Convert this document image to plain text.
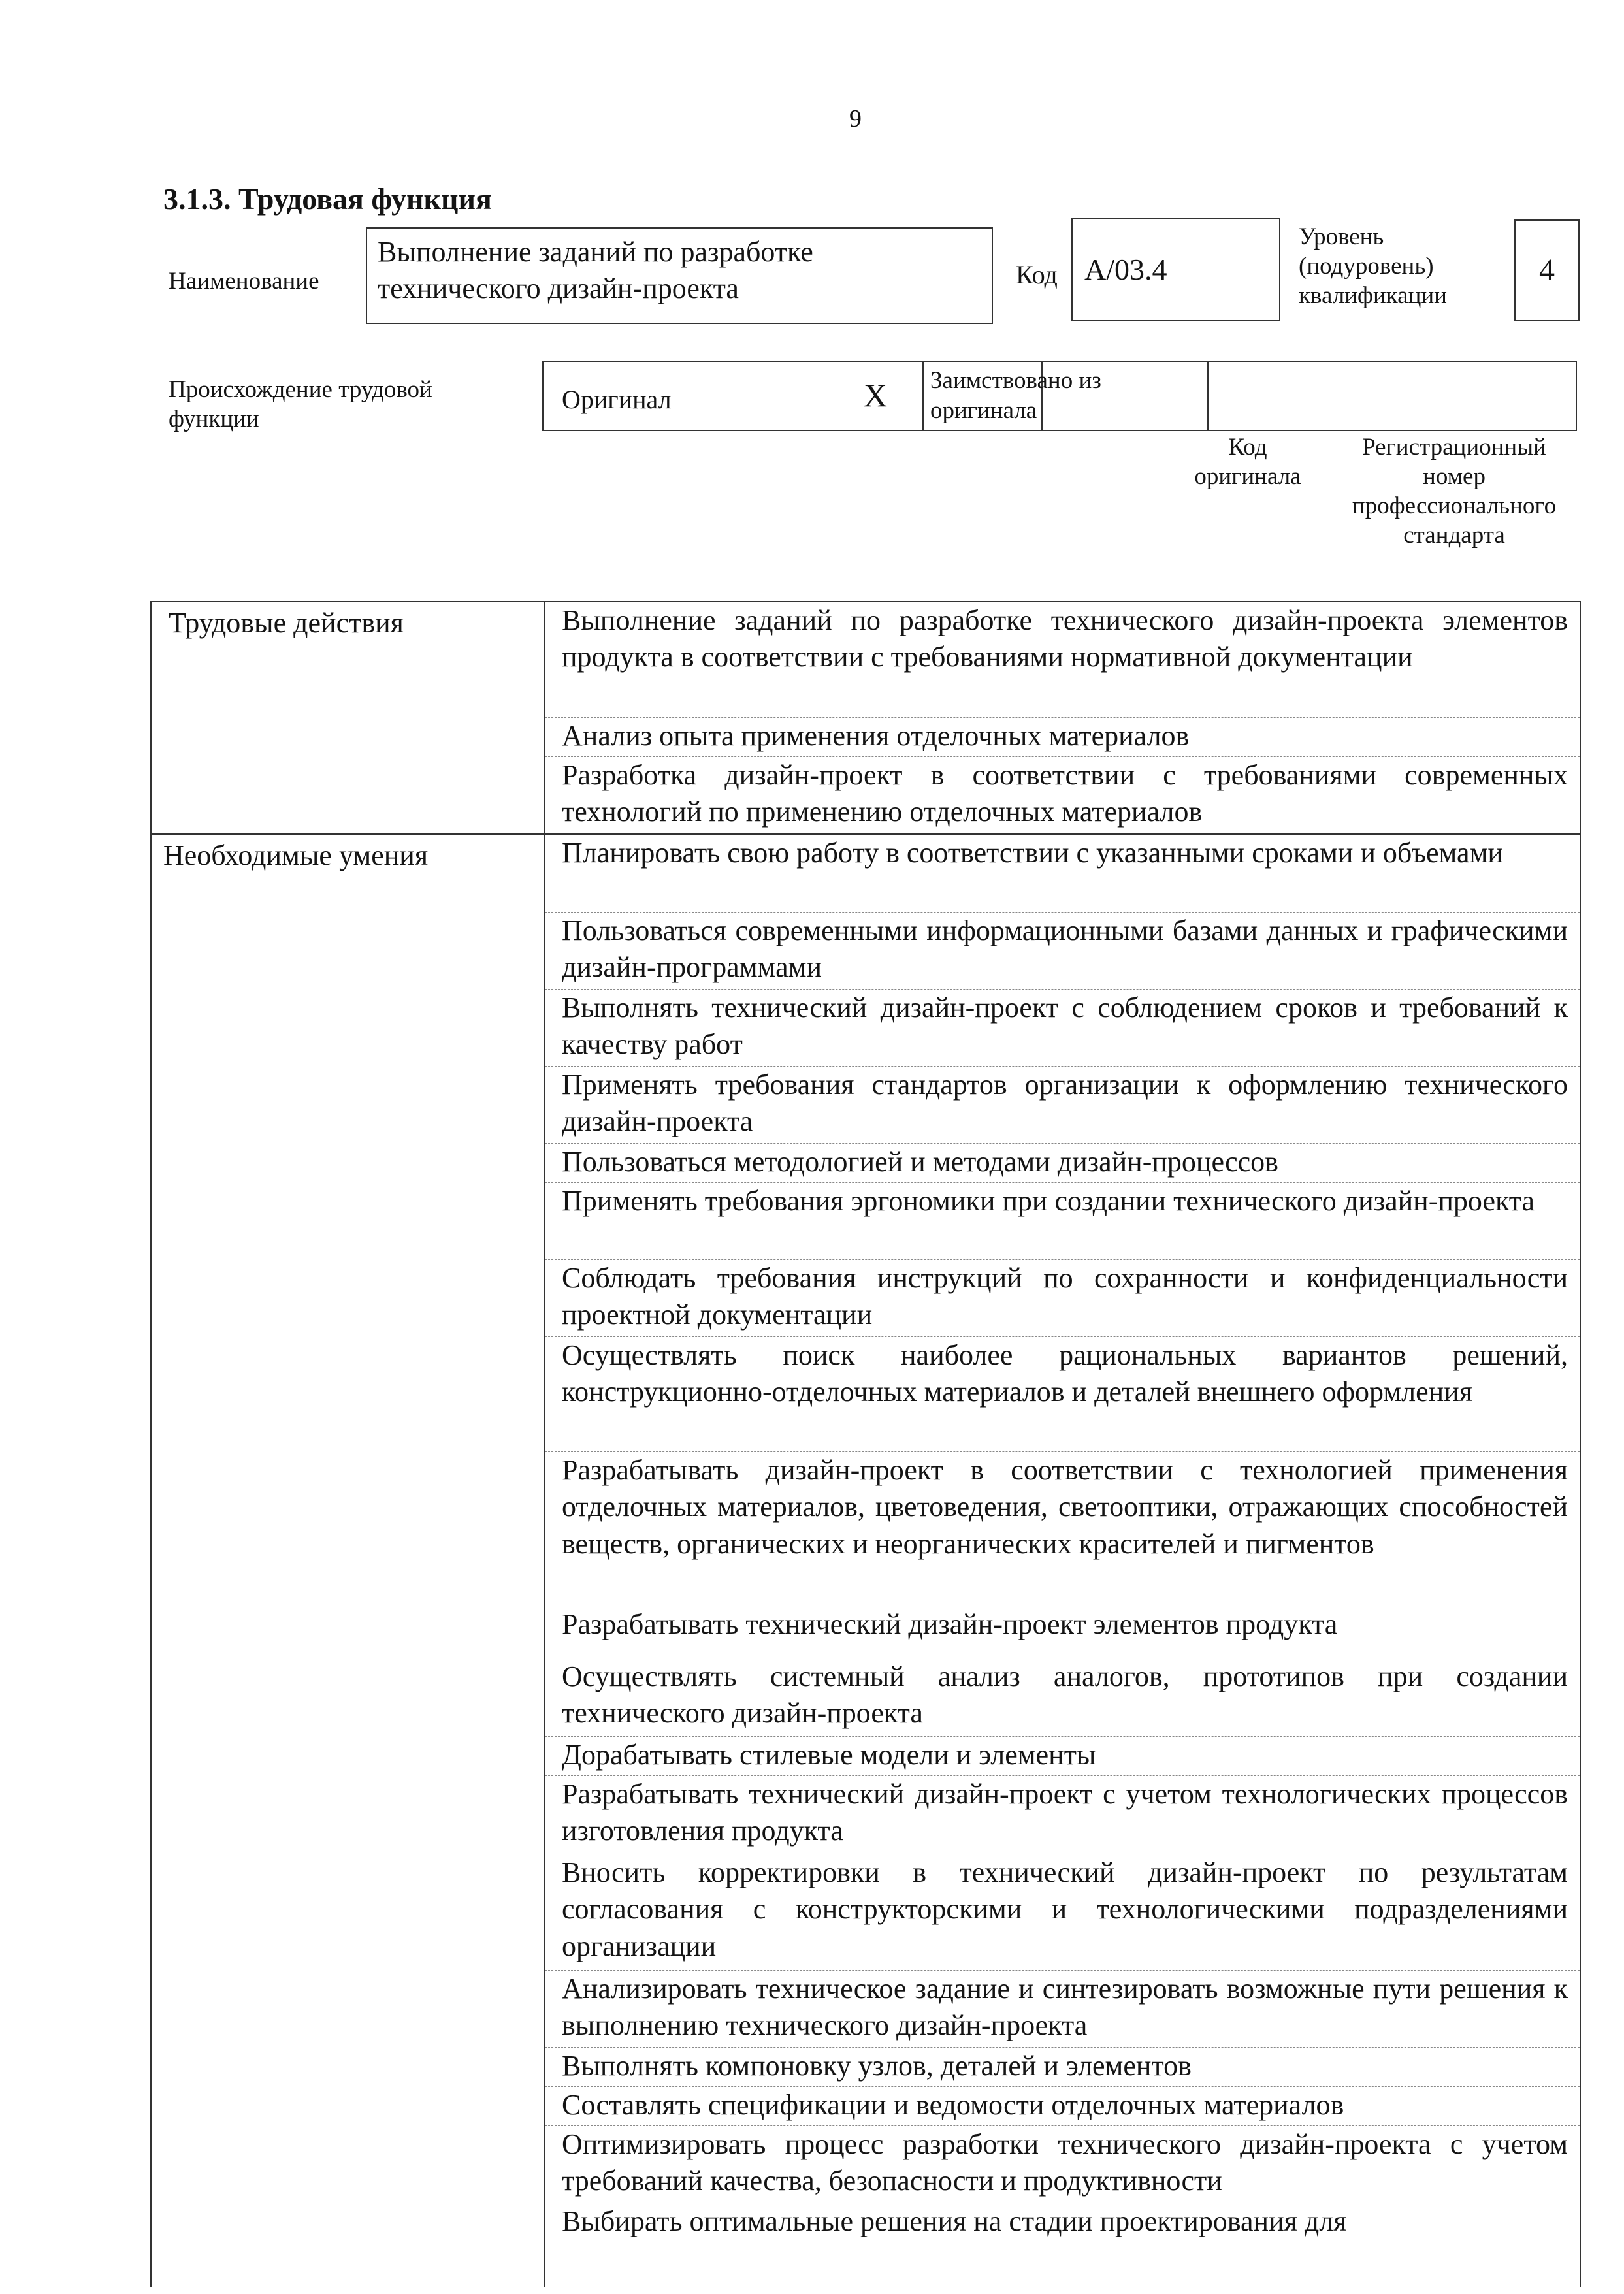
9
3.1.3. Трудовая функция
Наименование
Выполнение заданий по разработке технического дизайн-проекта	Код А/03.4
Уровень (подуровень) квалификации
4
Происхождение трудовой функции
Оригинал	X Заимствовано из оригинала
Код оригинала
Регистрационный номер профессионального стандарта
Трудовые действия
Необходимые умения
Выполнение заданий по разработке технического дизайн-проекта элементов продукта в соответствии с требованиями нормативной документации
Анализ опыта применения отделочных материалов
Разработка дизайн-проект в соответствии с требованиями современных технологий по применению отделочных материалов
Планировать свою работу в соответствии с указанными сроками и объемами
Пользоваться современными информационными базами данных и графическими дизайн-программами
Выполнять технический дизайн-проект с соблюдением сроков и требований к качеству работ
Применять требования стандартов организации к оформлению технического дизайн-проекта
Пользоваться методологией и методами дизайн-процессов
Применять требования эргономики при создании технического дизайн-проекта
Соблюдать требования инструкций по сохранности и конфиденциальности проектной документации
Осуществлять поиск наиболее рациональных вариантов решений, конструкционно-отделочных материалов и деталей внешнего оформления
Разрабатывать дизайн-проект в соответствии с технологией применения отделочных материалов, цветоведения, светооптики, отражающих способностей веществ, органических и неорганических красителей и пигментов
Разрабатывать технический дизайн-проект элементов продукта
Осуществлять системный анализ аналогов, прототипов при создании технического дизайн-проекта
Дорабатывать стилевые модели и элементы
Разрабатывать технический дизайн-проект с учетом технологических процессов изготовления продукта
Вносить корректировки в технический дизайн-проект по результатам согласования с конструкторскими и технологическими подразделениями организации
Анализировать техническое задание и синтезировать возможные пути решения к выполнению технического дизайн-проекта
Выполнять компоновку узлов, деталей и элементов
Составлять спецификации и ведомости отделочных материалов
Оптимизировать процесс разработки технического дизайн-проекта с учетом требований качества, безопасности и продуктивности
Выбирать оптимальные решения на стадии проектирования для
